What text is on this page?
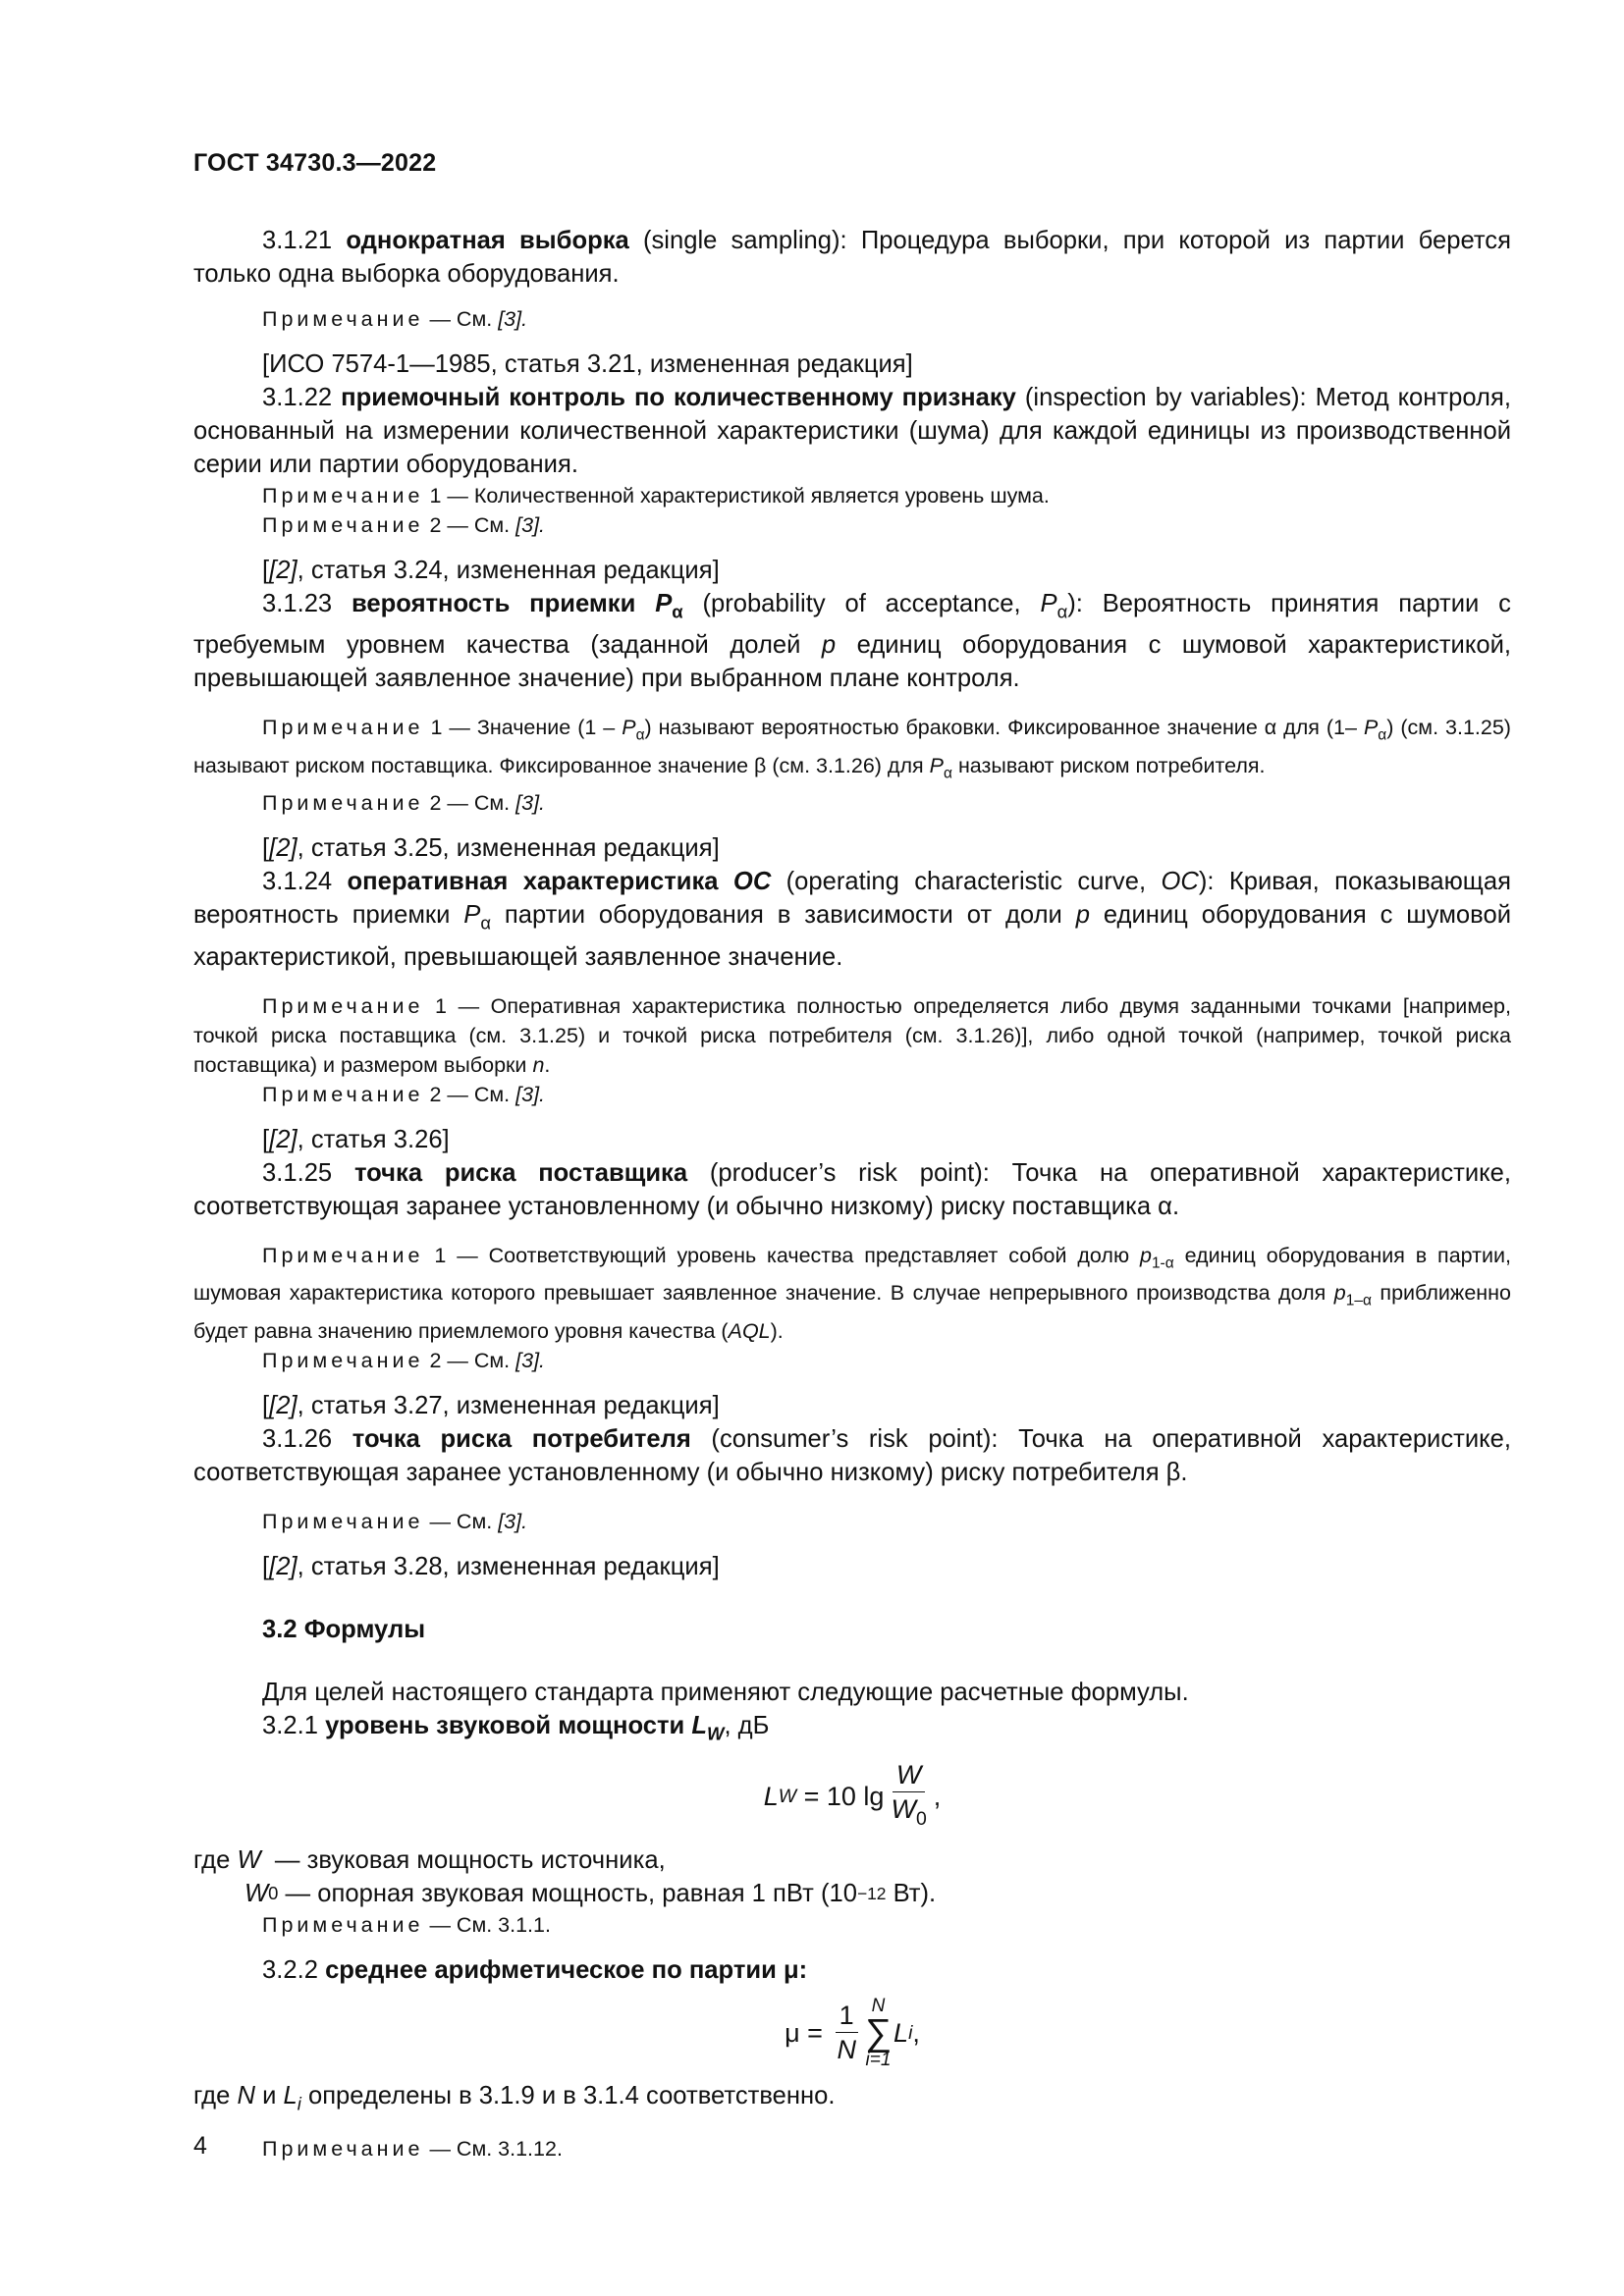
ГОСТ 34730.3—2022

3.1.21 однократная выборка (single sampling): Процедура выборки, при которой из партии берется только одна выборка оборудования.

Примечание — См. [3].

[ИСО 7574-1—1985, статья 3.21, измененная редакция]

3.1.22 приемочный контроль по количественному признаку (inspection by variables): Метод контроля, основанный на измерении количественной характеристики (шума) для каждой единицы из производственной серии или партии оборудования.

Примечание 1 — Количественной характеристикой является уровень шума.

Примечание 2 — См. [3].

[[2], статья 3.24, измененная редакция]

3.1.23 вероятность приемки $P_\alpha$ (probability of acceptance, $P_\alpha$): Вероятность принятия партии с требуемым уровнем качества (заданной долей p единиц оборудования с шумовой характеристикой, превышающей заявленное значение) при выбранном плане контроля.

Примечание 1 — Значение $(1 - P_\alpha)$ называют вероятностью браковки. Фиксированное значение α для (1– $P_\alpha$) (см. 3.1.25) называют риском поставщика. Фиксированное значение β (см. 3.1.26) для $P_\alpha$ называют риском потребителя.

Примечание 2 — См. [3].

[[2], статья 3.25, измененная редакция]

3.1.24 оперативная характеристика OC (operating characteristic curve, OC): Кривая, показывающая вероятность приемки $P_\alpha$ партии оборудования в зависимости от доли p единиц оборудования с шумовой характеристикой, превышающей заявленное значение.

Примечание 1 — Оперативная характеристика полностью определяется либо двумя заданными точками [например, точкой риска поставщика (см. 3.1.25) и точкой риска потребителя (см. 3.1.26)], либо одной точкой (например, точкой риска поставщика) и размером выборки n.

Примечание 2 — См. [3].

[[2], статья 3.26]

3.1.25 точка риска поставщика (producer’s risk point): Точка на оперативной характеристике, соответствующая заранее установленному (и обычно низкому) риску поставщика α.

Примечание 1 — Соответствующий уровень качества представляет собой долю $p_{1-\alpha}$ единиц оборудования в партии, шумовая характеристика которого превышает заявленное значение. В случае непрерывного производства доля $p_{1-\alpha}$ приближенно будет равна значению приемлемого уровня качества (AQL).

Примечание 2 — См. [3].

[[2], статья 3.27, измененная редакция]

3.1.26 точка риска потребителя (consumer’s risk point): Точка на оперативной характеристике, соответствующая заранее установленному (и обычно низкому) риску потребителя β.

Примечание — См. [3].

[[2], статья 3.28, измененная редакция]

3.2 Формулы

Для целей настоящего стандарта применяют следующие расчетные формулы.

3.2.1 уровень звуковой мощности $L_W$, дБ

L W
= 10 $\lg \frac{W}{W_0}$ ,
где
W
— звуковая мощность источника,
W 0
— опорная звуковая мощность, равная 1 пВт (10 −12
Вт).

Примечание — См. 3.1.1.

3.2.2 среднее арифметическое по партии μ:

μ =
$\frac{1}{N}$ N
∑
i=1
L i ,

где N и $L_i$ определены в 3.1.9 и в 3.1.4 соответственно.

Примечание — См. 3.1.12.

4
